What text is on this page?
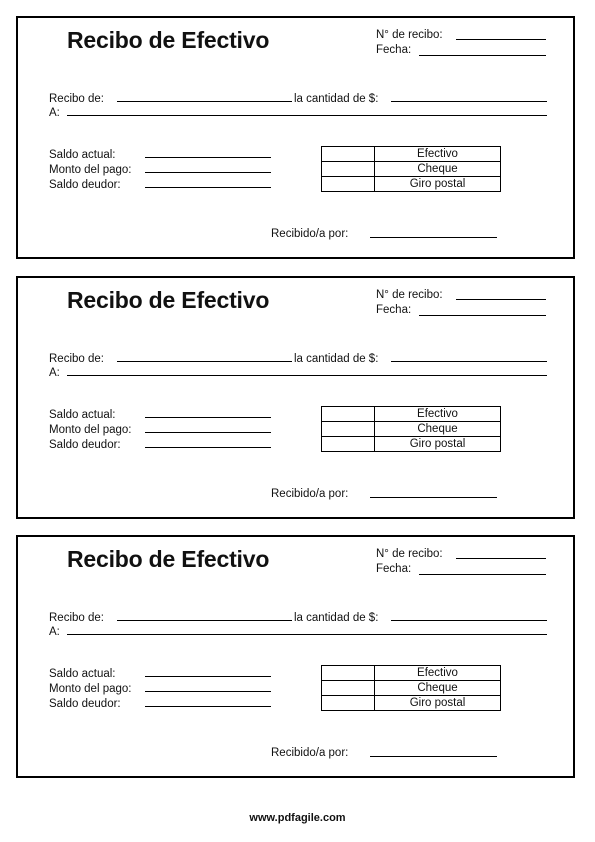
Recibo de Efectivo	N° de recibo:
Fecha:
Recibo de:	la cantidad de $:
A:
Saldo actual:
Monto del pago:
Saldo deudor:
	Efectivo
	Cheque
	Giro postal
Recibido/a por:
Recibo de Efectivo	N° de recibo:
Fecha:
Recibo de:	la cantidad de $:
A:
Saldo actual:
Monto del pago:
Saldo deudor:
	Efectivo
	Cheque
	Giro postal
Recibido/a por:
Recibo de Efectivo	N° de recibo:
Fecha:
Recibo de:	la cantidad de $:
A:
Saldo actual:
Monto del pago:
Saldo deudor:
	Efectivo
	Cheque
	Giro postal
Recibido/a por:
www.pdfagile.com
